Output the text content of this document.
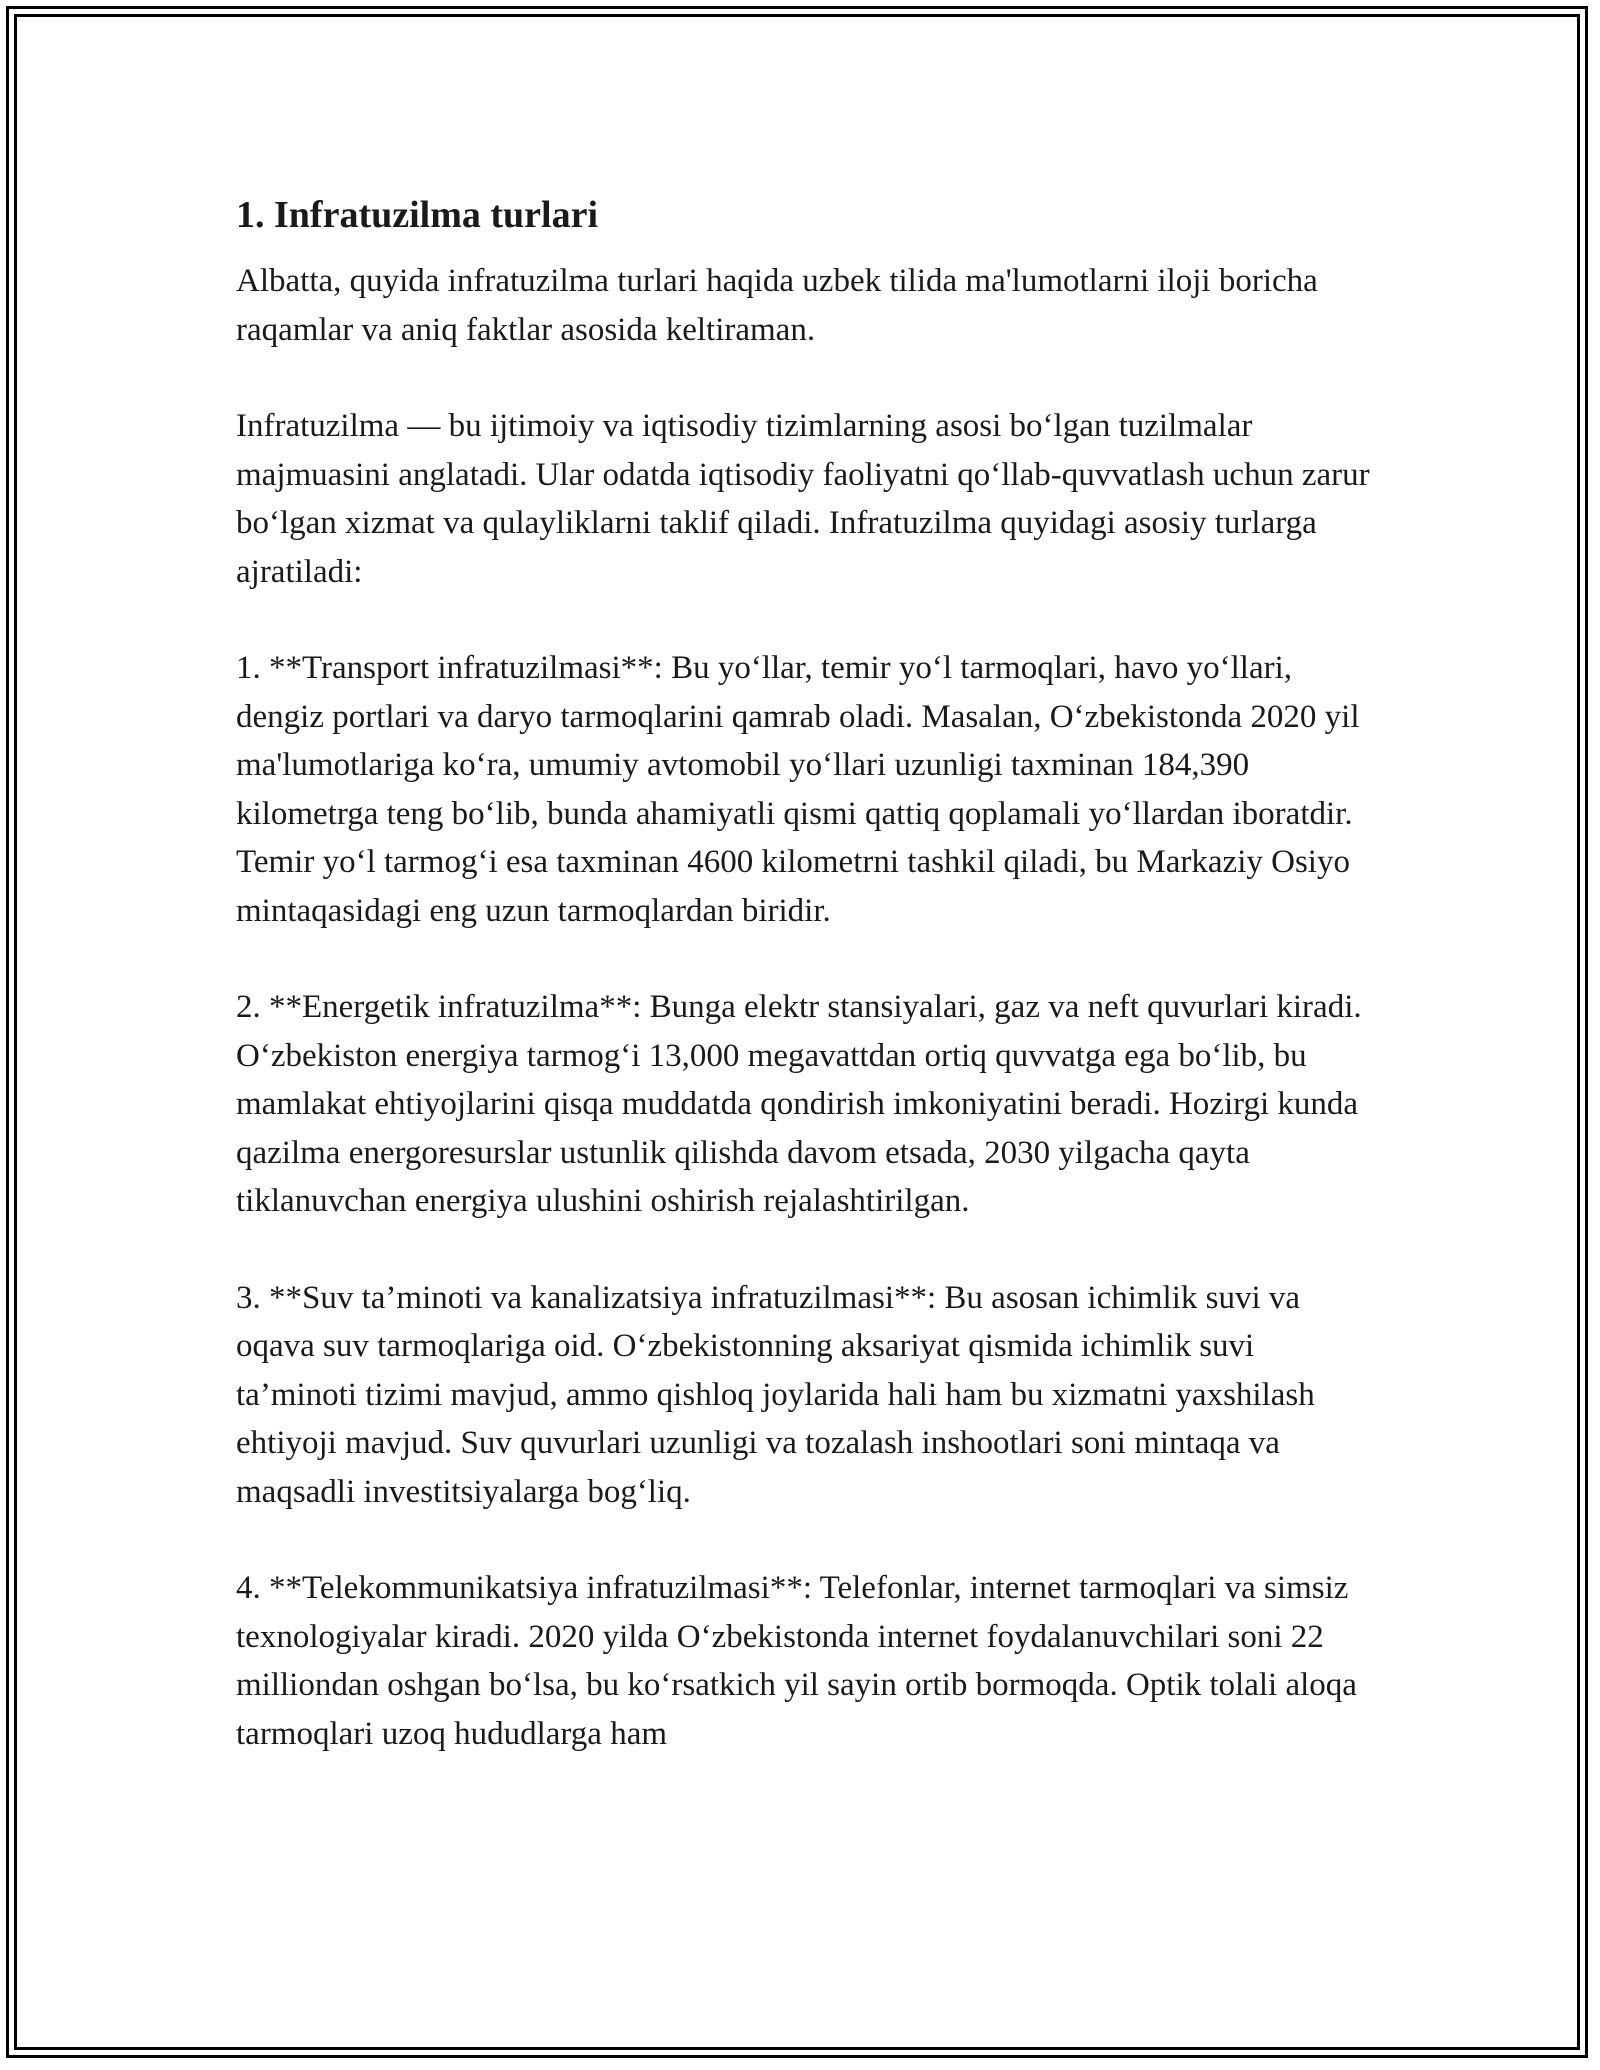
1. Infratuzilma turlari

Albatta, quyida infratuzilma turlari haqida uzbek tilida ma'lumotlarni iloji boricha raqamlar va aniq faktlar asosida keltiraman.

Infratuzilma — bu ijtimoiy va iqtisodiy tizimlarning asosi boʻlgan tuzilmalar majmuasini anglatadi. Ular odatda iqtisodiy faoliyatni qoʻllab-quvvatlash uchun zarur boʻlgan xizmat va qulayliklarni taklif qiladi. Infratuzilma quyidagi asosiy turlarga ajratiladi:

1. **Transport infratuzilmasi**: Bu yoʻllar, temir yoʻl tarmoqlari, havo yoʻllari, dengiz portlari va daryo tarmoqlarini qamrab oladi. Masalan, Oʻzbekistonda 2020 yil ma'lumotlariga koʻra, umumiy avtomobil yoʻllari uzunligi taxminan 184,390 kilometrga teng boʻlib, bunda ahamiyatli qismi qattiq qoplamali yoʻllardan iboratdir. Temir yoʻl tarmogʻi esa taxminan 4600 kilometrni tashkil qiladi, bu Markaziy Osiyo mintaqasidagi eng uzun tarmoqlardan biridir.

2. **Energetik infratuzilma**: Bunga elektr stansiyalari, gaz va neft quvurlari kiradi. Oʻzbekiston energiya tarmogʻi 13,000 megavattdan ortiq quvvatga ega boʻlib, bu mamlakat ehtiyojlarini qisqa muddatda qondirish imkoniyatini beradi. Hozirgi kunda qazilma energoresurslar ustunlik qilishda davom etsada, 2030 yilgacha qayta tiklanuvchan energiya ulushini oshirish rejalashtirilgan.

3. **Suv ta’minoti va kanalizatsiya infratuzilmasi**: Bu asosan ichimlik suvi va oqava suv tarmoqlariga oid. Oʻzbekistonning aksariyat qismida ichimlik suvi ta’minoti tizimi mavjud, ammo qishloq joylarida hali ham bu xizmatni yaxshilash ehtiyoji mavjud. Suv quvurlari uzunligi va tozalash inshootlari soni mintaqa va maqsadli investitsiyalarga bogʻliq.

4. **Telekommunikatsiya infratuzilmasi**: Telefonlar, internet tarmoqlari va simsiz texnologiyalar kiradi. 2020 yilda Oʻzbekistonda internet foydalanuvchilari soni 22 milliondan oshgan boʻlsa, bu koʻrsatkich yil sayin ortib bormoqda. Optik tolali aloqa tarmoqlari uzoq hududlarga ham
